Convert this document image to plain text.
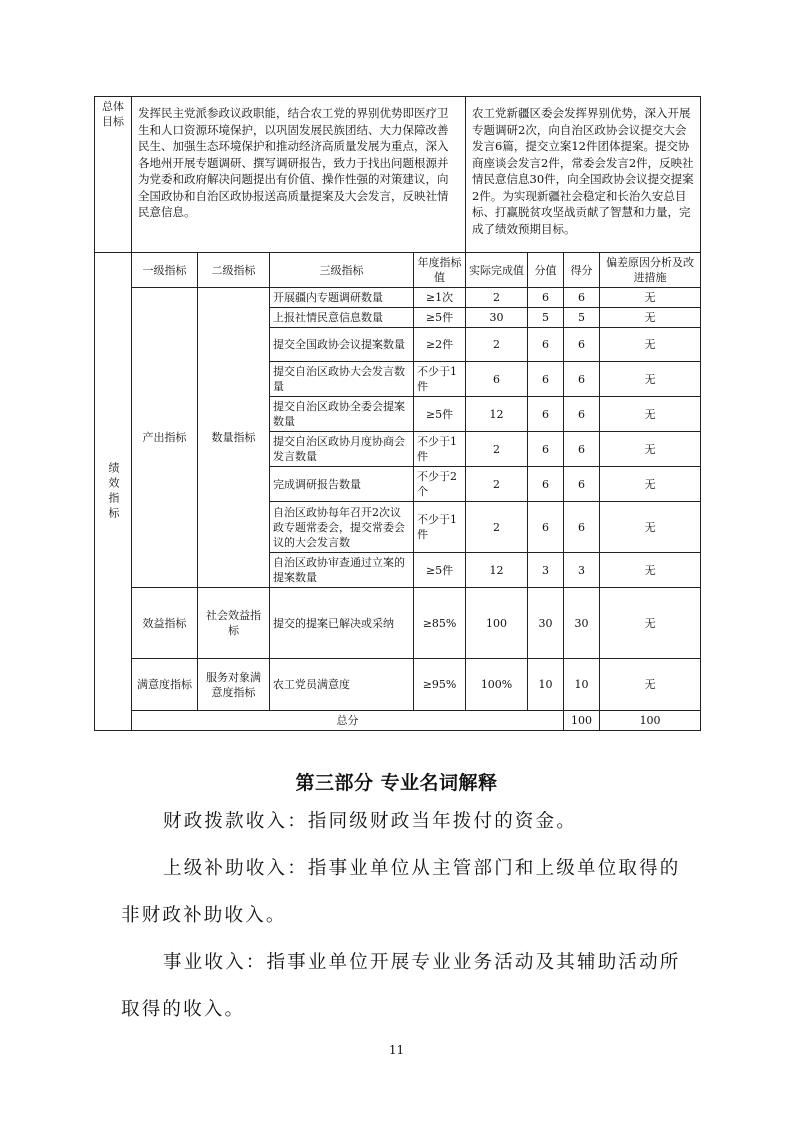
总体目标	发挥民主党派参政议政职能，结合农工党的界别优势即医疗卫生和人口资源环境保护，以巩固发展民族团结、大力保障改善民生、加强生态环境保护和推动经济高质量发展为重点，深入各地州开展专题调研、撰写调研报告，致力于找出问题根源并为党委和政府解决问题提出有价值、操作性强的对策建议，向全国政协和自治区政协报送高质量提案及大会发言，反映社情民意信息。				农工党新疆区委会发挥界别优势，深入开展专题调研2次，向自治区政协会议提交大会发言6篇，提交立案12件团体提案。提交协商座谈会发言2件，常委会发言2件，反映社情民意信息30件，向全国政协会议提交提案2件。为实现新疆社会稳定和长治久安总目标、打赢脱贫攻坚战贡献了智慧和力量，完成了绩效预期目标。				
绩效指标	一级指标	二级指标	三级指标	年度指标值	实际完成值	分值	得分	偏差原因分析及改进措施	
	产出指标	数量指标	开展疆内专题调研数量	≥1次	2	6	6	无	
			上报社情民意信息数量	≥5件	30	5	5	无	
			提交全国政协会议提案数量	≥2件	2	6	6	无	
			提交自治区政协大会发言数量	不少于1件	6	6	6	无	
			提交自治区政协全委会提案数量	≥5件	12	6	6	无	
			提交自治区政协月度协商会发言数量	不少于1件	2	6	6	无	
			完成调研报告数量	不少于2个	2	6	6	无	
			自治区政协每年召开2次议政专题常委会，提交常委会议的大会发言数	不少于1件	2	6	6	无	
			自治区政协审查通过立案的提案数量	≥5件	12	3	3	无	
	效益指标	社会效益指标	提交的提案已解决或采纳	≥85%	100	30	30	无	
	满意度指标	服务对象满意度指标	农工党员满意度	≥95%	100%	10	10	无	
	总分						100	100	
第三部分 专业名词解释

财政拨款收入：指同级财政当年拨付的资金。

上级补助收入：指事业单位从主管部门和上级单位取得的非财政补助收入。

事业收入：指事业单位开展专业业务活动及其辅助活动所取得的收入。

11
